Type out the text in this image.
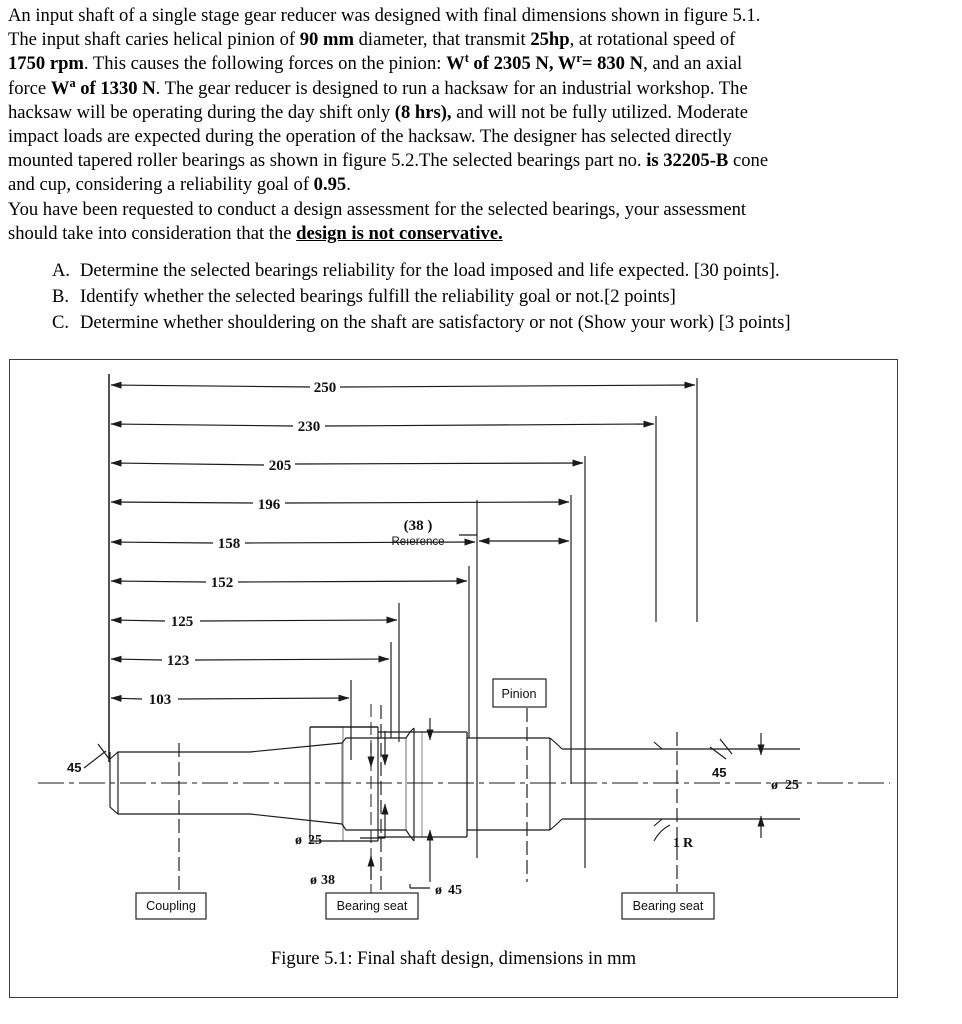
An input shaft of a single stage gear reducer was designed with final dimensions shown in figure 5.1.
The input shaft caries helical pinion of 90 mm diameter, that transmit 25hp, at rotational speed of
1750 rpm. This causes the following forces on the pinion: $W^t$ of 2305 N, $W^r= 830$ N, and an axial
force $W^a$ of 1330 N. The gear reducer is designed to run a hacksaw for an industrial workshop. The
hacksaw will be operating during the day shift only (8 hrs), and will not be fully utilized. Moderate
impact loads are expected during the operation of the hacksaw. The designer has selected directly
mounted tapered roller bearings as shown in figure 5.2.The selected bearings part no. is 32205-B cone
and cup, considering a reliability goal of 0.95.
You have been requested to conduct a design assessment for the selected bearings, your assessment
should take into consideration that the design is not conservative.
A. Determine the selected bearings reliability for the load imposed and life expected. [30 points].
B. Identify whether the selected bearings fulfill the reliability goal or not.[2 points]
C. Determine whether shouldering on the shaft are satisfactory or not (Show your work) [3 points]
250
230
205
196
158
152
125
123
103
(38 )
Reıerence
ø 25
ø 38
ø 45
ø 25
45	45
1 R
Coupling	Bearing seat
Pinion
Bearing seat
Figure 5.1: Final shaft design, dimensions in mm
